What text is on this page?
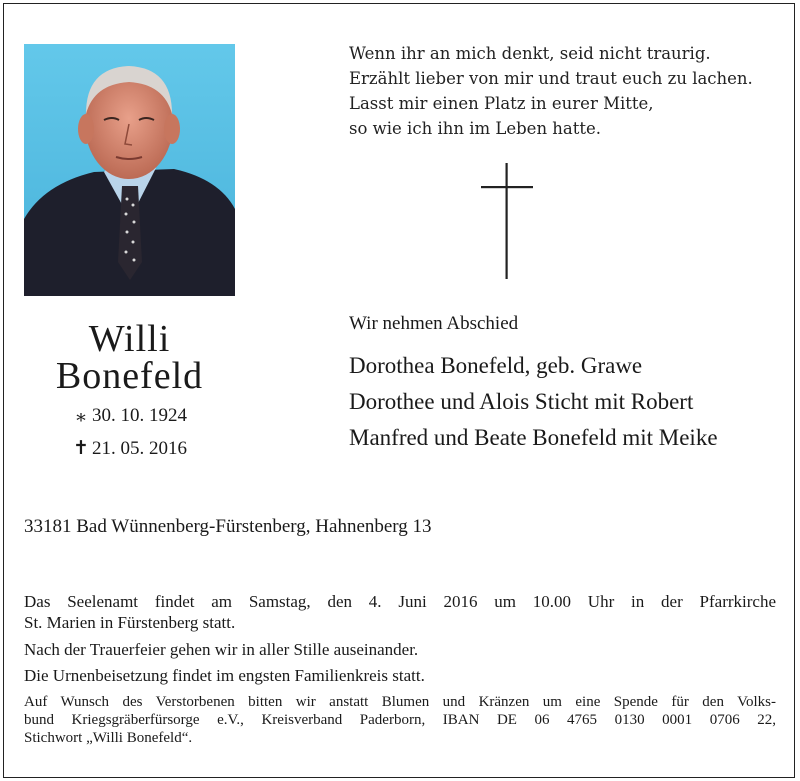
Willi
Bonefeld
⁎ 30. 10. 1924
✝ 21. 05. 2016
Wenn ihr an mich denkt, seid nicht traurig.
Erzählt lieber von mir und traut euch zu lachen.
Lasst mir einen Platz in eurer Mitte,
so wie ich ihn im Leben hatte.
Wir nehmen Abschied
Dorothea Bonefeld, geb. Grawe
Dorothee und Alois Sticht mit Robert
Manfred und Beate Bonefeld mit Meike
33181 Bad Wünnenberg-Fürstenberg, Hahnenberg 13
Das Seelenamt findet am Samstag, den 4. Juni 2016 um 10.00 Uhr in der Pfarrkirche
St. Marien in Fürstenberg statt.
Nach der Trauerfeier gehen wir in aller Stille auseinander.
Die Urnenbeisetzung findet im engsten Familienkreis statt.
Auf Wunsch des Verstorbenen bitten wir anstatt Blumen und Kränzen um eine Spende für den Volks-
bund Kriegsgräberfürsorge e.V., Kreisverband Paderborn, IBAN DE 06 4765 0130 0001 0706 22,
Stichwort „Willi Bonefeld“.
